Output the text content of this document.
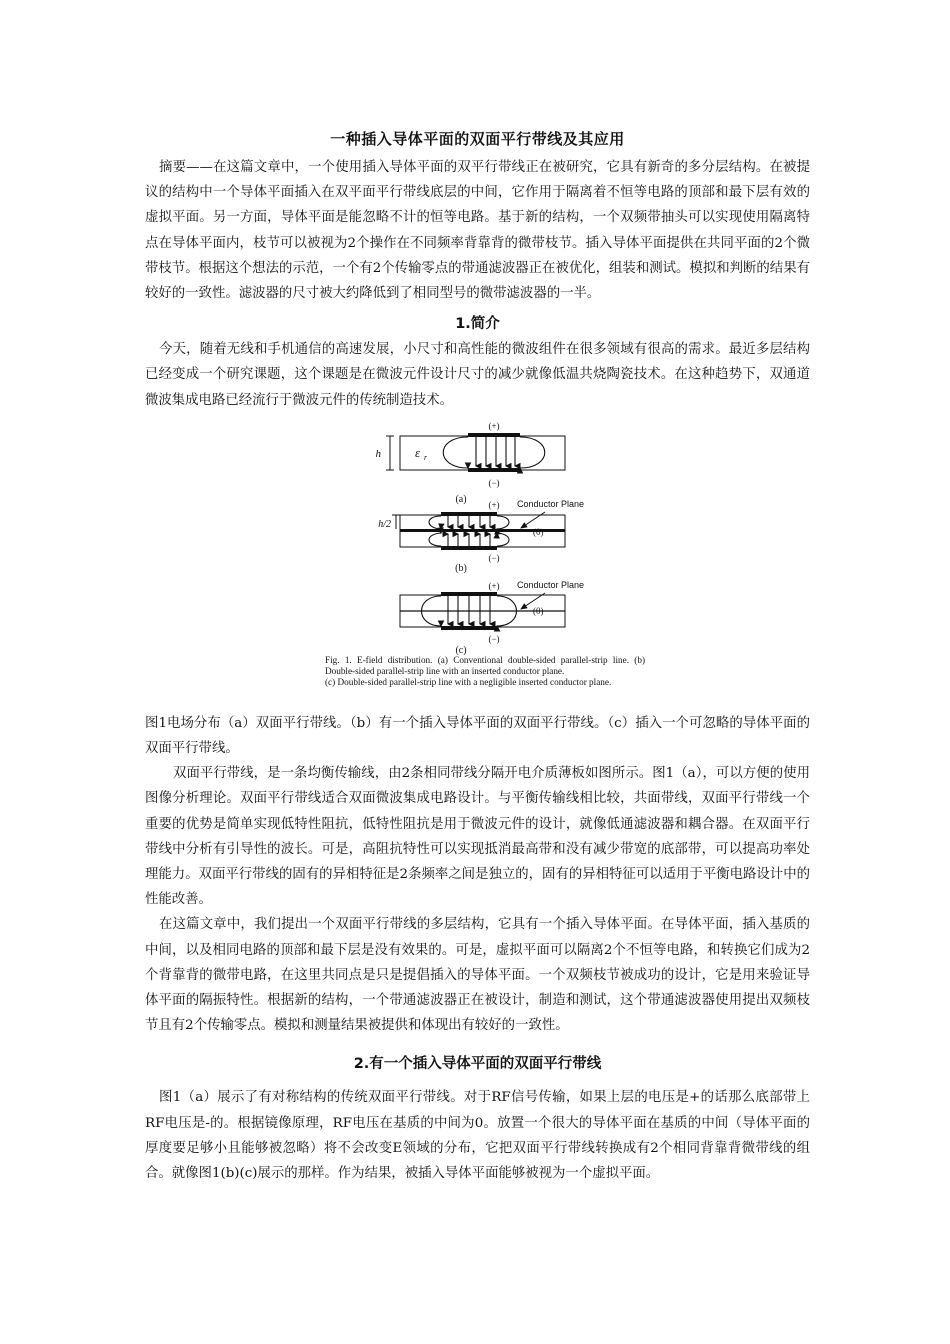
一种插入导体平面的双面平行带线及其应用

摘要——在这篇文章中，一个使用插入导体平面的双平行带线正在被研究，它具有新奇的多分层结构。在被提议的结构中一个导体平面插入在双平面平行带线底层的中间，它作用于隔离着不恒等电路的顶部和最下层有效的虚拟平面。另一方面，导体平面是能忽略不计的恒等电路。基于新的结构，一个双频带抽头可以实现使用隔离特点在导体平面内，枝节可以被视为2个操作在不同频率背靠背的微带枝节。插入导体平面提供在共同平面的2个微带枝节。根据这个想法的示范，一个有2个传输零点的带通滤波器正在被优化，组装和测试。模拟和判断的结果有较好的一致性。滤波器的尺寸被大约降低到了相同型号的微带滤波器的一半。

1.简介

今天，随着无线和手机通信的高速发展，小尺寸和高性能的微波组件在很多领域有很高的需求。最近多层结构已经变成一个研究课题，这个课题是在微波元件设计尺寸的减少就像低温共烧陶瓷技术。在这种趋势下，双通道微波集成电路已经流行于微波元件的传统制造技术。

(+)
h	ε r
(−)
(a) (+) Conductor Plane
h/2
(0)
(−)
(b)
(+) Conductor Plane
(0)
(−)
(c)
Fig. 1. E-field distribution. (a) Conventional double-sided parallel-strip line. (b) Double-sided parallel-strip line with an inserted conductor plane.
(c) Double-sided parallel-strip line with a negligible inserted conductor plane.

图1电场分布（a）双面平行带线。（b）有一个插入导体平面的双面平行带线。（c）插入一个可忽略的导体平面的双面平行带线。

双面平行带线，是一条均衡传输线，由2条相同带线分隔开电介质薄板如图所示。图1（a），可以方便的使用图像分析理论。双面平行带线适合双面微波集成电路设计。与平衡传输线相比较，共面带线，双面平行带线一个重要的优势是简单实现低特性阻抗，低特性阻抗是用于微波元件的设计，就像低通滤波器和耦合器。在双面平行带线中分析有引导性的波长。可是，高阻抗特性可以实现抵消最高带和没有减少带宽的底部带，可以提高功率处理能力。双面平行带线的固有的异相特征是2条频率之间是独立的，固有的异相特征可以适用于平衡电路设计中的性能改善。

在这篇文章中，我们提出一个双面平行带线的多层结构，它具有一个插入导体平面。在导体平面，插入基质的中间，以及相同电路的顶部和最下层是没有效果的。可是，虚拟平面可以隔离2个不恒等电路，和转换它们成为2个背靠背的微带电路，在这里共同点是只是提倡插入的导体平面。一个双频枝节被成功的设计，它是用来验证导体平面的隔振特性。根据新的结构，一个带通滤波器正在被设计，制造和测试，这个带通滤波器使用提出双频枝节且有2个传输零点。模拟和测量结果被提供和体现出有较好的一致性。

2.有一个插入导体平面的双面平行带线

图1（a）展示了有对称结构的传统双面平行带线。对于RF信号传输，如果上层的电压是+的话那么底部带上RF电压是-的。根据镜像原理，RF电压在基质的中间为0。放置一个很大的导体平面在基质的中间（导体平面的厚度要足够小且能够被忽略）将不会改变E领域的分布，它把双面平行带线转换成有2个相同背靠背微带线的组合。就像图1(b)(c)展示的那样。作为结果，被插入导体平面能够被视为一个虚拟平面。
